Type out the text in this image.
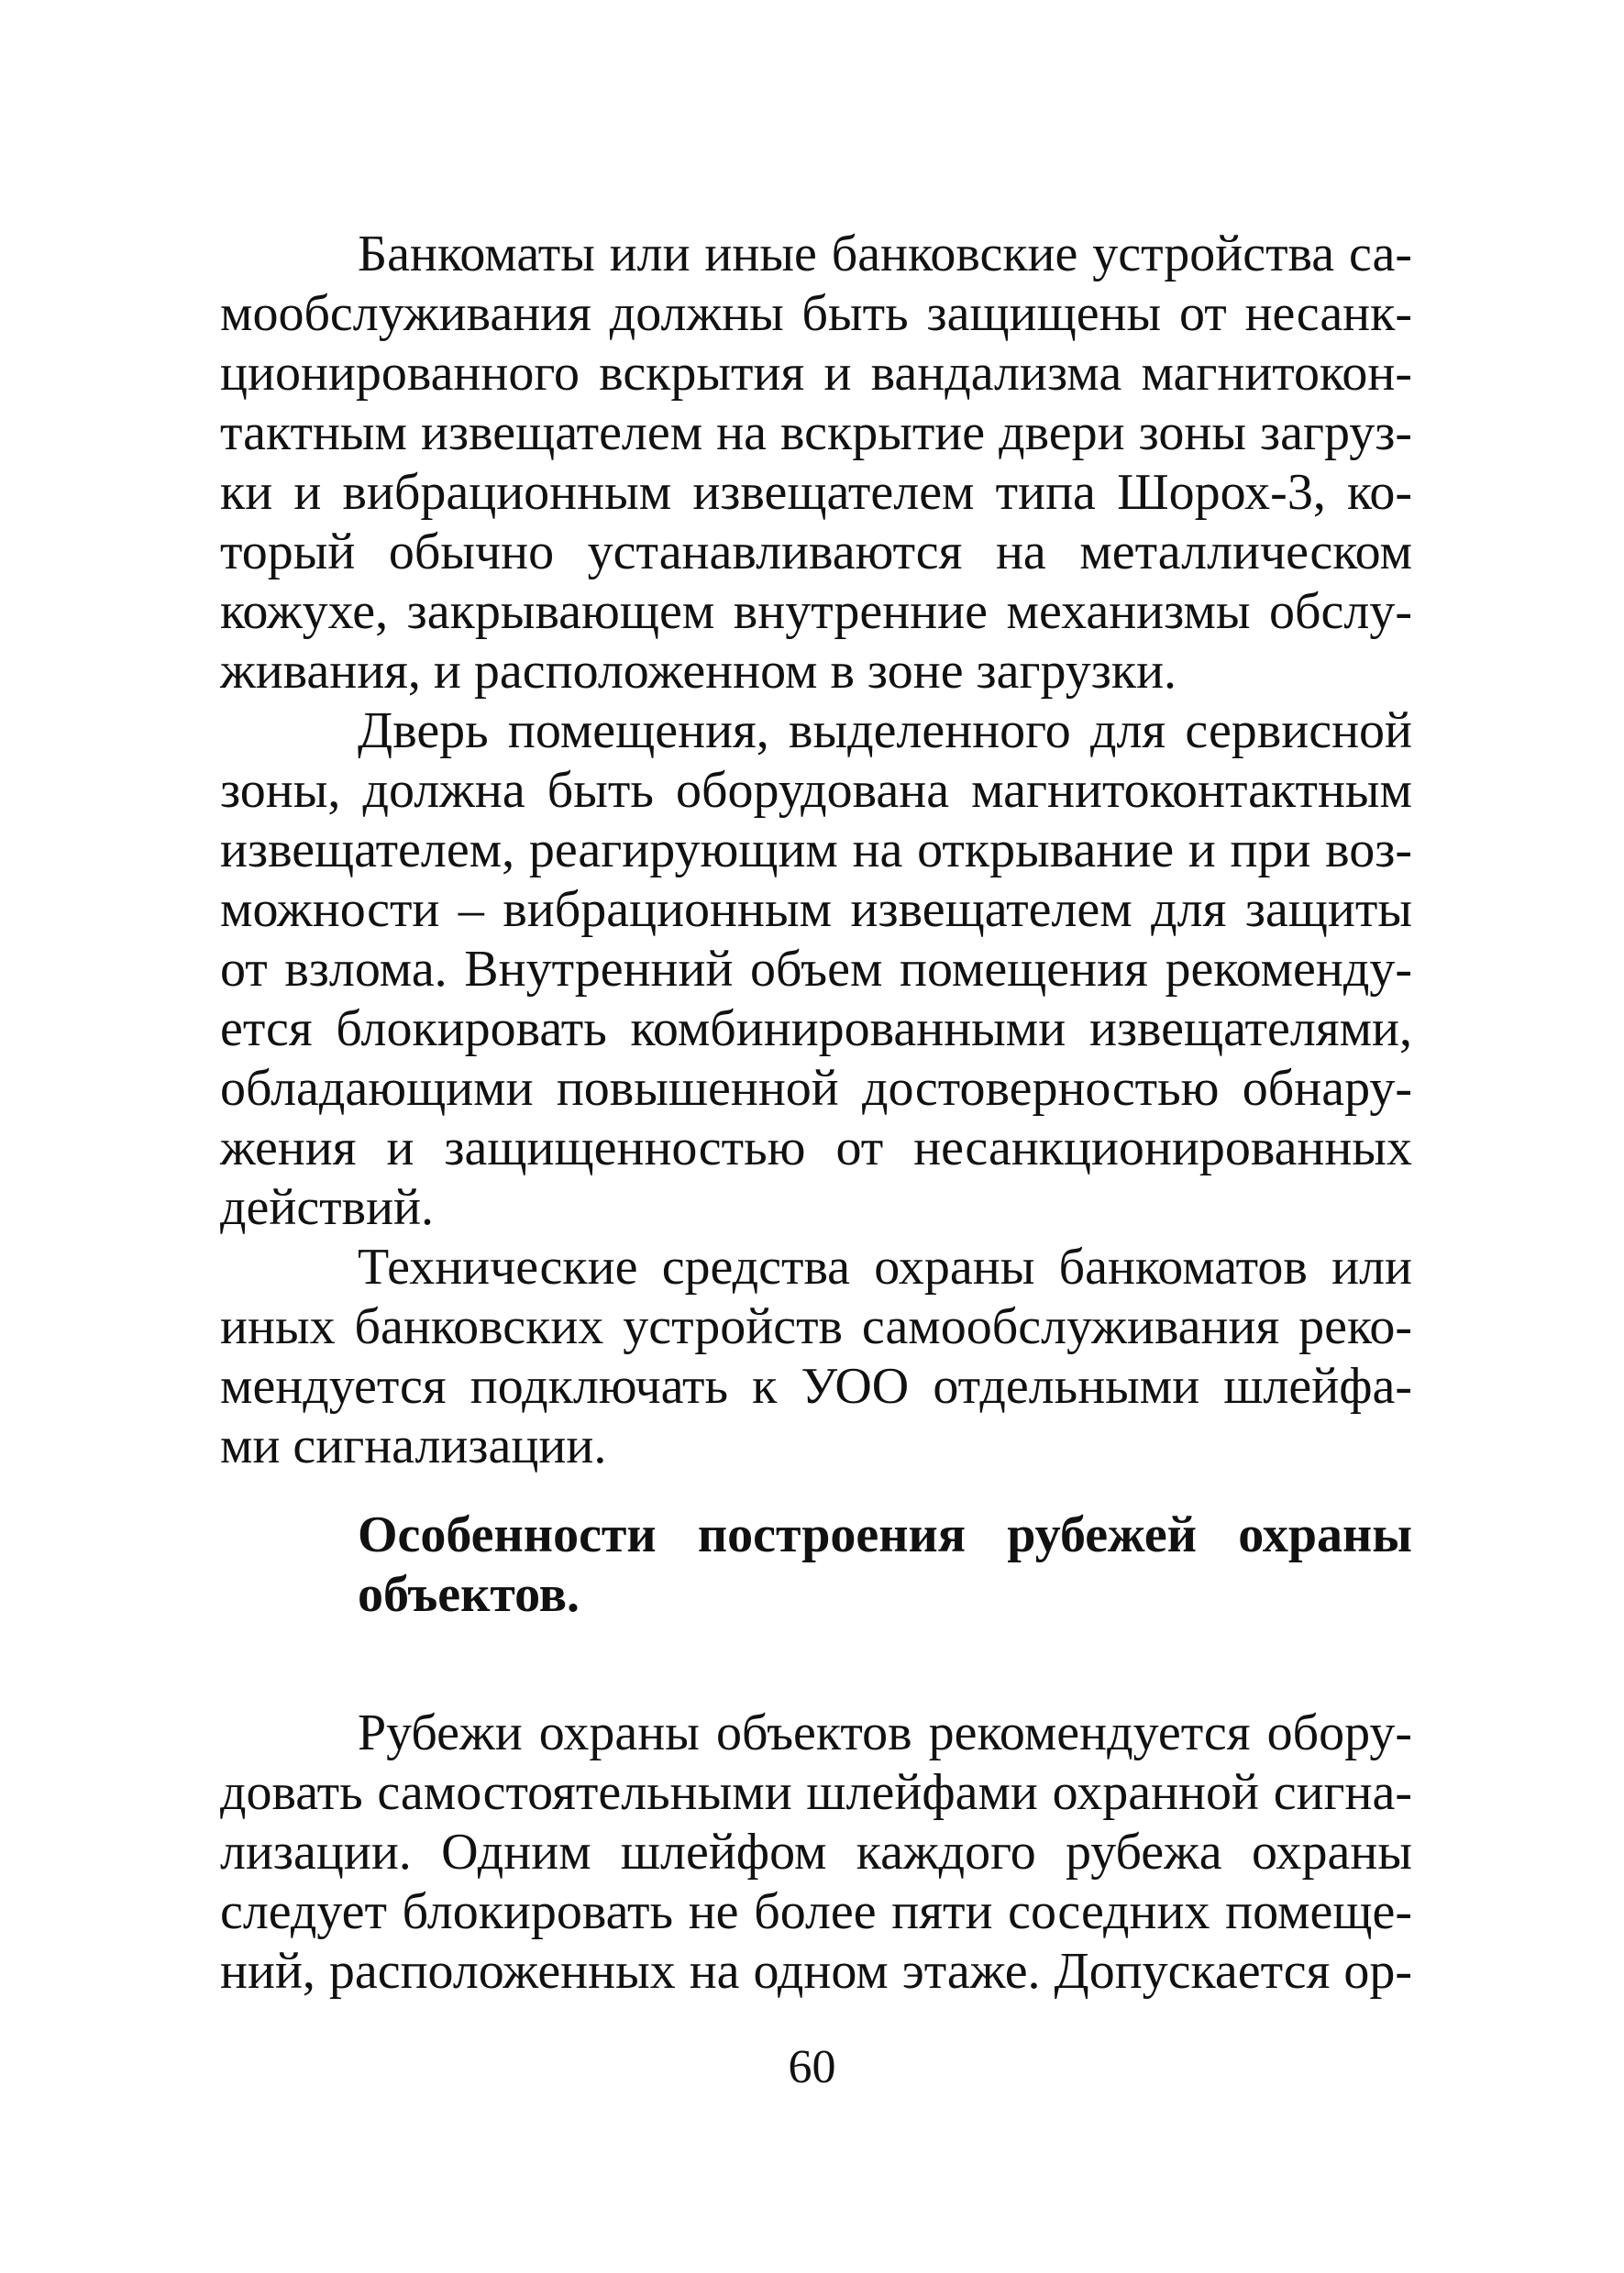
Банкоматы или иные банковские устройства са-
мообслуживания должны быть защищены от несанк-
ционированного вскрытия и вандализма магнитокон-
тактным извещателем на вскрытие двери зоны загруз-
ки и вибрационным извещателем типа Шорох-3, ко-
торый обычно устанавливаются на металлическом
кожухе, закрывающем внутренние механизмы обслу-
живания, и расположенном в зоне загрузки.
Дверь помещения, выделенного для сервисной
зоны, должна быть оборудована магнитоконтактным
извещателем, реагирующим на открывание и при воз-
можности – вибрационным извещателем для защиты
от взлома. Внутренний объем помещения рекоменду-
ется блокировать комбинированными извещателями,
обладающими повышенной достоверностью обнару-
жения и защищенностью от несанкционированных
действий.
Технические средства охраны банкоматов или
иных банковских устройств самообслуживания реко-
мендуется подключать к УОО отдельными шлейфа-
ми сигнализации.
Особенности построения рубежей охраны
объектов.
Рубежи охраны объектов рекомендуется обору-
довать самостоятельными шлейфами охранной сигна-
лизации. Одним шлейфом каждого рубежа охраны
следует блокировать не более пяти соседних помеще-
ний, расположенных на одном этаже. Допускается ор-
60
